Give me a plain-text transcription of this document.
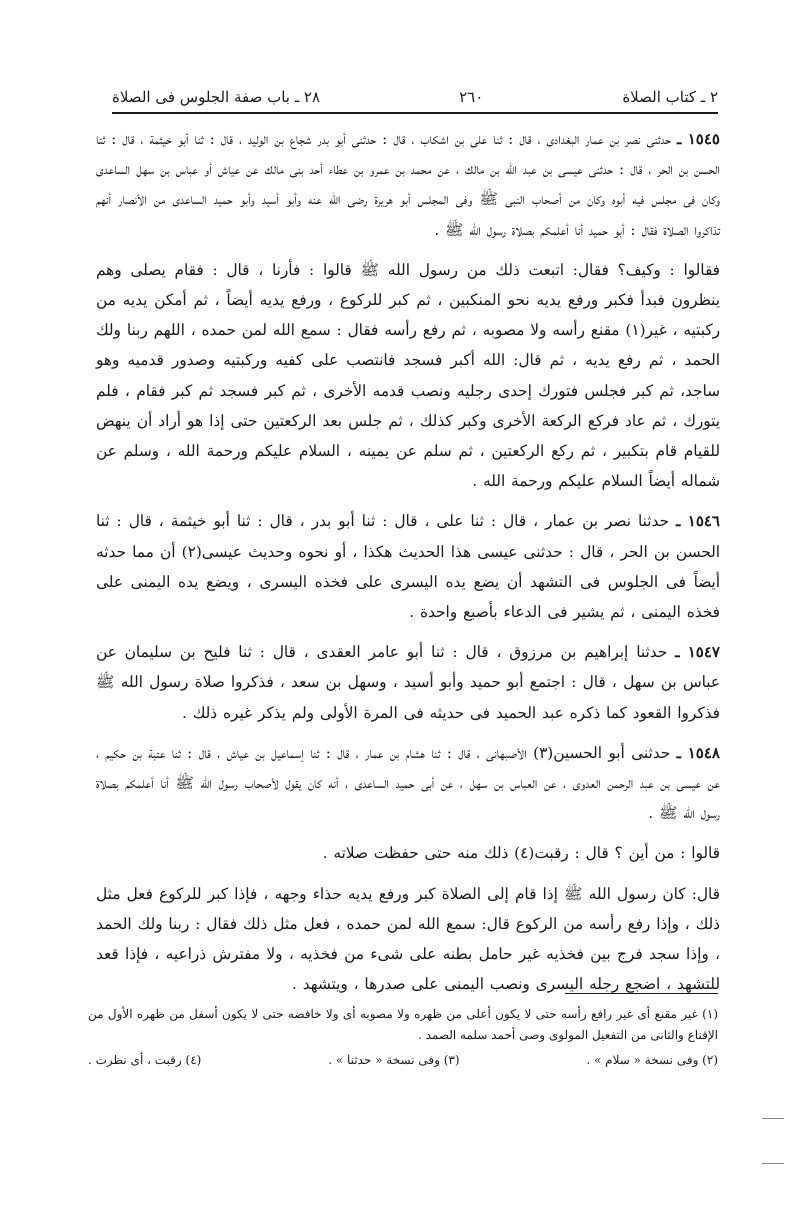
٢ ـ كتاب الصلاة
٢٦٠
٢٨ ـ باب صفة الجلوس فى الصلاة

١٥٤٥ ـ حدثنى نصر بن عمار البغدادى ، قال : ثنا على بن اشكاب ، قال : حدثنى أبو بدر شجاع بن الوليد ، قال : ثنا أبو خيثمة ، قال : ثنا الحسن بن الحر ، قال : حدثنى عيسى بن عبد الله بن مالك ، عن محمد بن عمرو بن عطاء أحد بنى مالك عن عياش أو عباس بن سهل الساعدى وكان فى مجلس فيه أبوه وكان من أصحاب النبى ﷺ وفى المجلس أبو هريرة رضى الله عنه وأبو أسيد وأبو حميد الساعدى من الأنصار أنهم تذاكروا الصلاة فقال : أبو حميد أنا أعلمكم بصلاة رسول الله ﷺ .

فقالوا : وكيف؟ فقال: اتبعت ذلك من رسول الله ﷺ قالوا : فأرنا ، قال : فقام يصلى وهم ينظرون فبدأ فكبر ورفع يديه نحو المنكبين ، ثم كبر للركوع ، ورفع يديه أيضاً ، ثم أمكن يديه من ركبتيه ، غير(١) مقنع رأسه ولا مصوبه ، ثم رفع رأسه فقال : سمع الله لمن حمده ، اللهم ربنا ولك الحمد ، ثم رفع يديه ، ثم قال: الله أكبر فسجد فانتصب على كفيه وركبتيه وصدور قدميه وهو ساجد، ثم كبر فجلس فتورك إحدى رجليه ونصب قدمه الأخرى ، ثم كبر فسجد ثم كبر فقام ، فلم يتورك ، ثم عاد فركع الركعة الأخرى وكبر كذلك ، ثم جلس بعد الركعتين حتى إذا هو أراد أن ينهض للقيام قام بتكبير ، ثم ركع الركعتين ، ثم سلم عن يمينه ، السلام عليكم ورحمة الله ، وسلم عن شماله أيضاً السلام عليكم ورحمة الله .

١٥٤٦ ـ حدثنا نصر بن عمار ، قال : ثنا على ، قال : ثنا أبو بدر ، قال : ثنا أبو خيثمة ، قال : ثنا الحسن بن الحر ، قال : حدثنى عيسى هذا الحديث هكذا ، أو نحوه وحديث عيسى(٢) أن مما حدثه أيضاً فى الجلوس فى التشهد أن يضع يده اليسرى على فخذه اليسرى ، ويضع يده اليمنى على فخذه اليمنى ، ثم يشير فى الدعاء بأصبع واحدة .

١٥٤٧ ـ حدثنا إبراهيم بن مرزوق ، قال : ثنا أبو عامر العقدى ، قال : ثنا فليح بن سليمان عن عباس بن سهل ، قال : اجتمع أبو حميد وأبو أسيد ، وسهل بن سعد ، فذكروا صلاة رسول الله ﷺ فذكروا القعود كما ذكره عبد الحميد فى حديثه فى المرة الأولى ولم يذكر غيره ذلك .

١٥٤٨ ـ حدثنى أبو الحسين(٣) الأصبهانى ، قال : ثنا هشام بن عمار ، قال : ثنا إسماعيل بن عياش ، قال : ثنا عتبة بن حكيم ، عن عيسى بن عبد الرحمن العدوى ، عن العباس بن سهل ، عن أبى حميد الساعدى ، أنه كان يقول لأصحاب رسول الله ﷺ أنا أعلمكم بصلاة رسول الله ﷺ .

قالوا : من أين ؟ قال : رقبت(٤) ذلك منه حتى حفظت صلاته .

قال: كان رسول الله ﷺ إذا قام إلى الصلاة كبر ورفع يديه حذاء وجهه ، فإذا كبر للركوع فعل مثل ذلك ، وإذا رفع رأسه من الركوع قال: سمع الله لمن حمده ، فعل مثل ذلك فقال : ربنا ولك الحمد ، وإذا سجد فرج بين فخذيه غير حامل بطنه على شىء من فخذيه ، ولا مفترش ذراعيه ، فإذا قعد للتشهد ، اضجع رجله اليسرى ونصب اليمنى على صدرها ، ويتشهد .

(١) غير مقنع أى غير رافع رأسه حتى لا يكون أعلى من ظهره ولا مصوبه أى ولا خافضه حتى لا يكون أسفل من ظهره الأول من الإقناع والثانى من التفعيل المولوى وصى أحمد سلمه الصمد .

(٢) وفى نسخة « سلام » .
(٣) وفى نسخة « حدثنا » .
(٤) رقبت ، أى نظرت .
